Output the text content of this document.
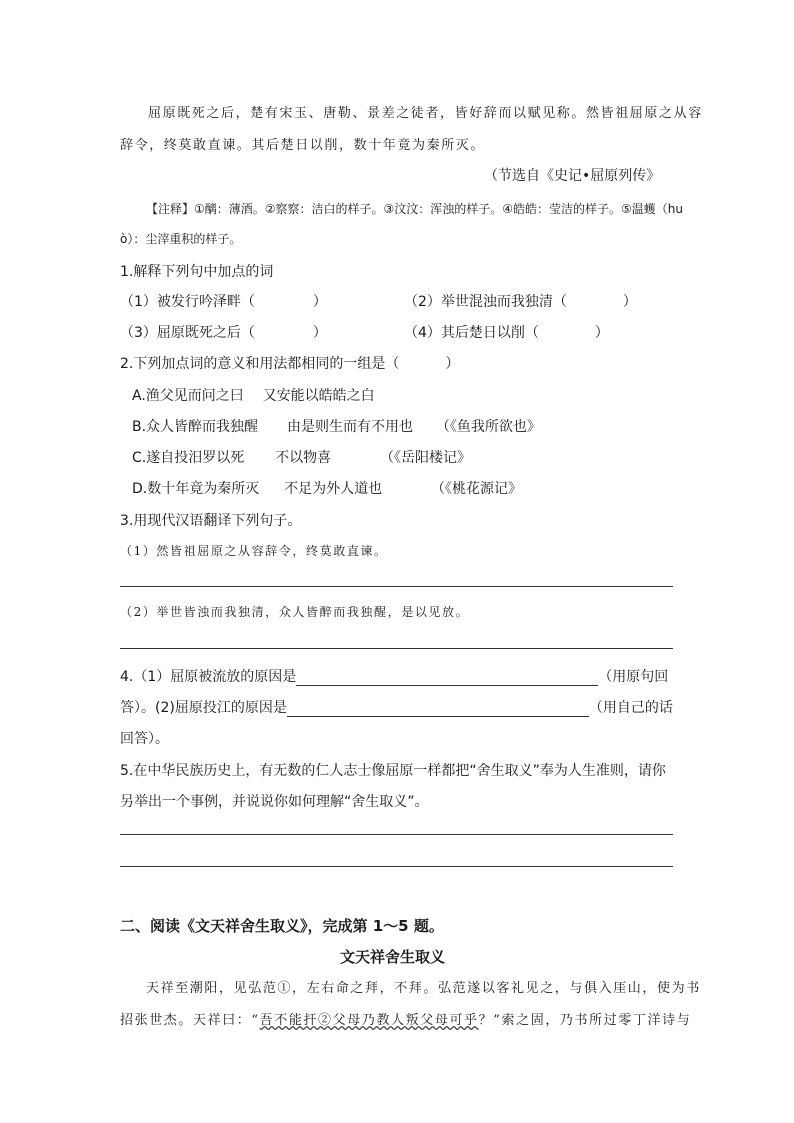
屈原既死之后，楚有宋玉、唐勒、景差之徒者，皆好辞而以赋见称。然皆祖屈原之从容
辞令，终莫敢直谏。其后楚日以削，数十年竟为秦所灭。
（节选自《史记•屈原列传》
【注释】①醨：薄酒。②察察：洁白的样子。③汶汶：浑浊的样子。④皓皓：莹洁的样子。⑤温蠖（hu
ò）：尘滓重积的样子。
1.解释下列句中加点的词
（1）被发行吟泽畔（	）	（2）举世混浊而我独清（	）
（3）屈原既死之后（	）	（4）其后楚日以削（	）
2.下列加点词的意义和用法都相同的一组是（	）
A.渔父见而问之曰 又安能以皓皓之白
B.众人皆醉而我独醒 由是则生而有不用也 （《鱼我所欲也》
C.遂自投汨罗以死 不以物喜	（《岳阳楼记》
D.数十年竟为秦所灭 不足为外人道也	（《桃花源记》
3.用现代汉语翻译下列句子。
（1）然皆祖屈原之从容辞令，终莫敢直谏。
（2）举世皆浊而我独清，众人皆醉而我独醒，是以见放。
4.（1）屈原被流放的原因是	（用原句回
答）。(2)屈原投江的原因是	（用自己的话
回答）。
5.在中华民族历史上，有无数的仁人志士像屈原一样都把“舍生取义”奉为人生准则，请你
另举出一个事例，并说说你如何理解“舍生取义”。
二、阅读《文天祥舍生取义》，完成第 1～5 题。
文天祥舍生取义
天祥至潮阳，见弘范①，左右命之拜，不拜。弘范遂以客礼见之，与俱入厓山，使为书
招张世杰。天祥曰：“吾不能扞②父母乃教人叛父母可乎？”索之固，乃书所过零丁洋诗与
